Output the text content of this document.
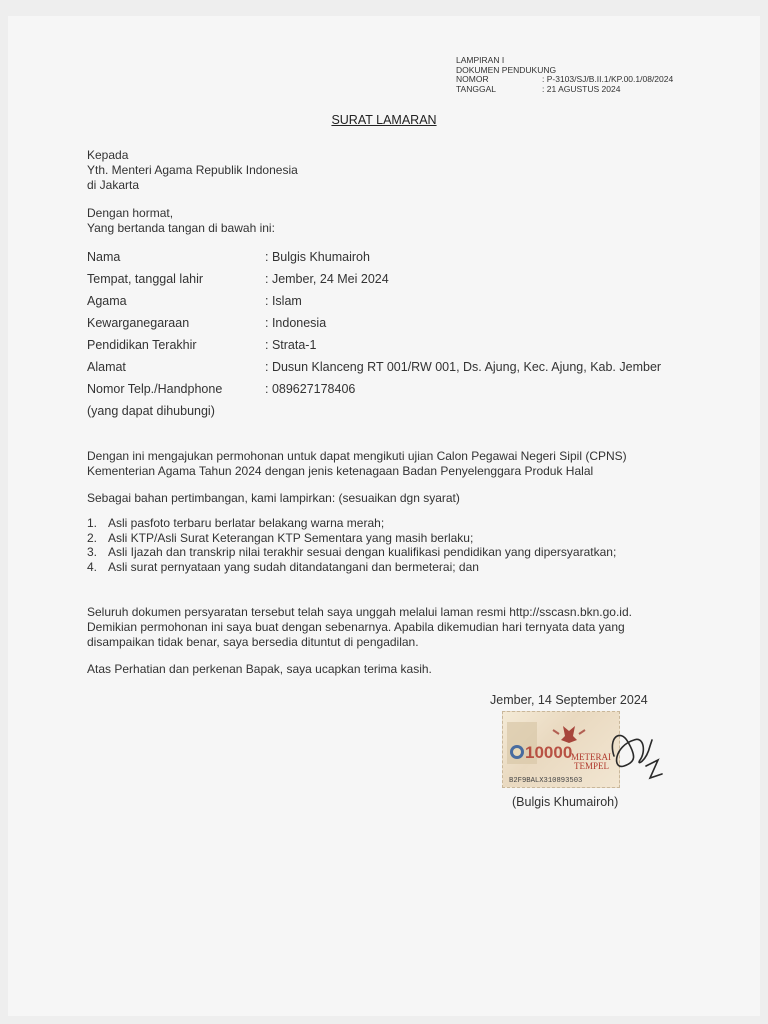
LAMPIRAN I
DOKUMEN PENDUKUNG
NOMOR	: P-3103/SJ/B.II.1/KP.00.1/08/2024
TANGGAL	: 21 AGUSTUS 2024
SURAT LAMARAN
Kepada
Yth. Menteri Agama Republik Indonesia
di Jakarta
Dengan hormat,
Yang bertanda tangan di bawah ini:
Nama	: Bulgis Khumairoh
Tempat, tanggal lahir	: Jember, 24 Mei 2024
Agama	: Islam
Kewarganegaraan	: Indonesia
Pendidikan Terakhir	: Strata-1
Alamat	: Dusun Klanceng RT 001/RW 001, Ds. Ajung, Kec. Ajung, Kab. Jember
Nomor Telp./Handphone	: 089627178406
(yang dapat dihubungi)
Dengan ini mengajukan permohonan untuk dapat mengikuti ujian Calon Pegawai Negeri Sipil (CPNS)
Kementerian Agama Tahun 2024 dengan jenis ketenagaan Badan Penyelenggara Produk Halal
Sebagai bahan pertimbangan, kami lampirkan: (sesuaikan dgn syarat)
1. Asli pasfoto terbaru berlatar belakang warna merah;
2. Asli KTP/Asli Surat Keterangan KTP Sementara yang masih berlaku;
3. Asli Ijazah dan transkrip nilai terakhir sesuai dengan kualifikasi pendidikan yang dipersyaratkan;
4. Asli surat pernyataan yang sudah ditandatangani dan bermeterai; dan
Seluruh dokumen persyaratan tersebut telah saya unggah melalui laman resmi http://sscasn.bkn.go.id.
Demikian permohonan ini saya buat dengan sebenarnya. Apabila dikemudian hari ternyata data yang
disampaikan tidak benar, saya bersedia dituntut di pengadilan.
Atas Perhatian dan perkenan Bapak, saya ucapkan terima kasih.
Jember, 14 September 2024
10000
METERAI
TEMPEL
B2F9BALX310893503
(Bulgis Khumairoh)
